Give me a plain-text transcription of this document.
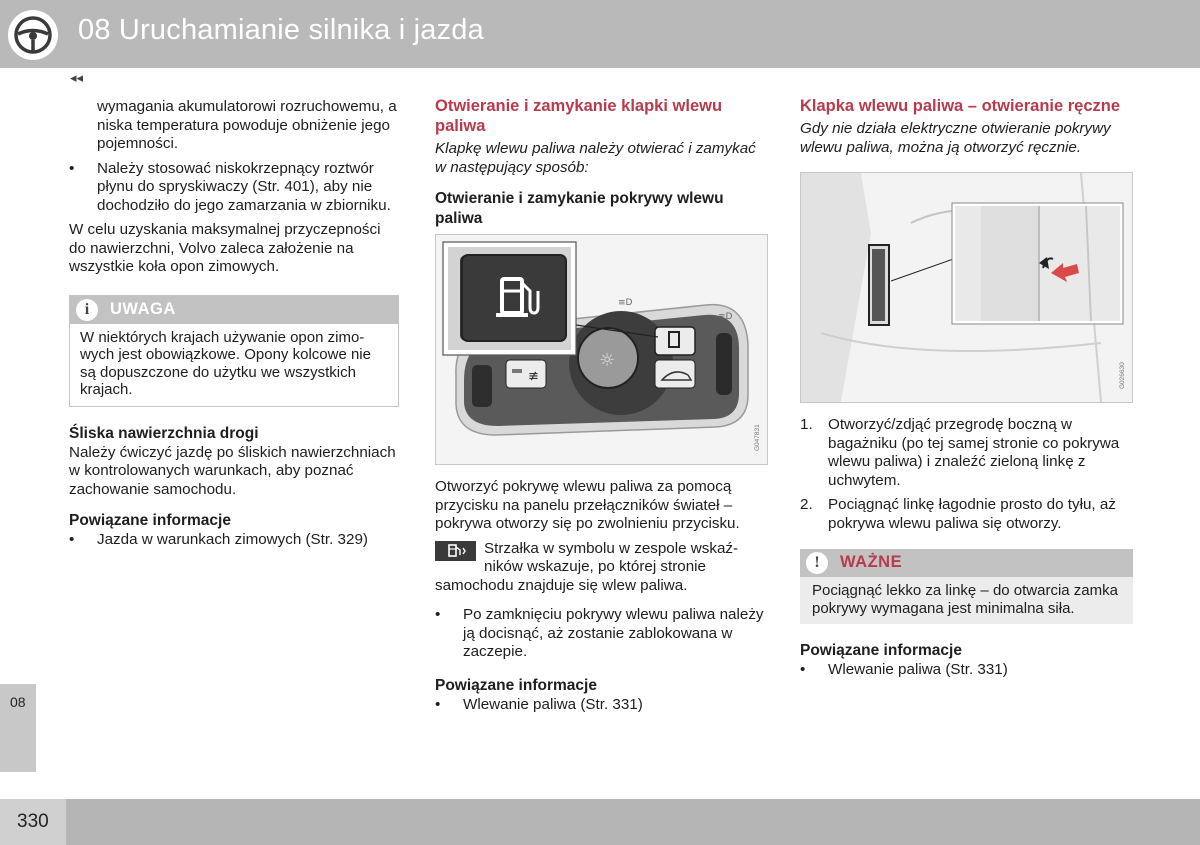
08 Uruchamianie silnika i jazda
◂◂

wymagania akumulatorowi rozruchowemu, a niska temperatura powoduje obniżenie jego pojemności.

• Należy stosować niskokrzepnący roztwór płynu do spryskiwaczy (Str. 401), aby nie dochodziło do jego zamarzania w zbiorniku.

W celu uzyskania maksymalnej przyczepności do nawierzchni, Volvo zaleca założenie na wszystkie koła opon zimowych.

i	UWAGA
W niektórych krajach używanie opon zimowych jest obowiązkowe. Opony kolcowe nie są dopuszczone do użytku we wszystkich krajach.

Śliska nawierzchnia drogi

Należy ćwiczyć jazdę po śliskich nawierzchniach w kontrolowanych warunkach, aby poznać zachowanie samochodu.

Powiązane informacje

• Jazda w warunkach zimowych (Str. 329)

Otwieranie i zamykanie klapki wlewu paliwa

Klapkę wlewu paliwa należy otwierać i zamykać w następujący sposób:

Otwieranie i zamykanie pokrywy wlewu paliwa

≢
☼
≡D
≡D
G047831

Otworzyć pokrywę wlewu paliwa za pomocą przycisku na panelu przełączników świateł – pokrywa otworzy się po zwolnieniu przycisku.

Strzałka w symbolu w zespole wskaźników wskazuje, po której stronie samochodu znajduje się wlew paliwa.
• Po zamknięciu pokrywy wlewu paliwa należy ją docisnąć, aż zostanie zablokowana w zaczepie.

Powiązane informacje

• Wlewanie paliwa (Str. 331)

Klapka wlewu paliwa – otwieranie ręczne

Gdy nie działa elektryczne otwieranie pokrywy wlewu paliwa, można ją otworzyć ręcznie.

G026630
1. Otworzyć/zdjąć przegrodę boczną w bagażniku (po tej samej stronie co pokrywa wlewu paliwa) i znaleźć zieloną linkę z uchwytem.
2. Pociągnąć linkę łagodnie prosto do tyłu, aż pokrywa wlewu paliwa się otworzy.
!	WAŻNE
Pociągnąć lekko za linkę – do otwarcia zamka pokrywy wymagana jest minimalna siła.

Powiązane informacje

• Wlewanie paliwa (Str. 331)
08
330
